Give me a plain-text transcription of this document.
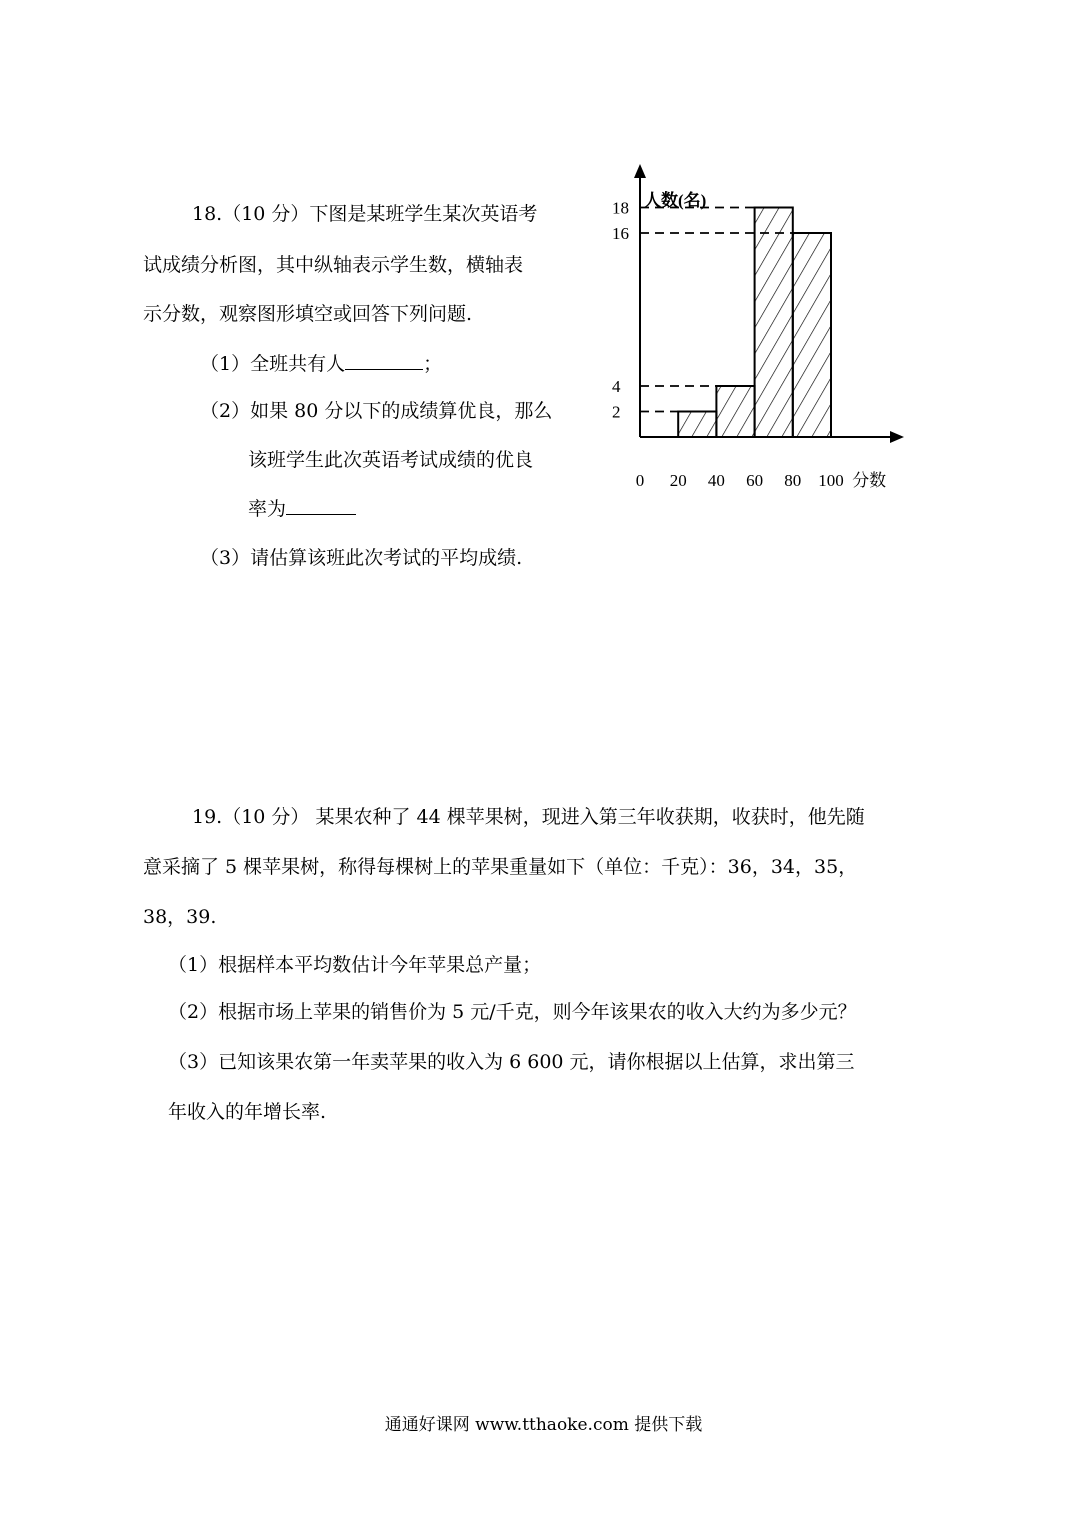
18.（10 分）下图是某班学生某次英语考
试成绩分析图，其中纵轴表示学生数，横轴表
示分数，观察图形填空或回答下列问题.
（1）全班共有人	；
（2）如果 80 分以下的成绩算优良，那么
该班学生此次英语考试成绩的优良
率为
（3）请估算该班此次考试的平均成绩.
人数(名)
2
4
16
18
0 20 40 60 80 100 分数
19.（10 分） 某果农种了 44 棵苹果树，现进入第三年收获期，收获时，他先随
意采摘了 5 棵苹果树，称得每棵树上的苹果重量如下（单位：千克）：36，34，35，
38，39.
（1）根据样本平均数估计今年苹果总产量；
（2）根据市场上苹果的销售价为 5 元/千克，则今年该果农的收入大约为多少元？
（3）已知该果农第一年卖苹果的收入为 6 600 元，请你根据以上估算，求出第三
年收入的年增长率.
通通好课网 www.tthaoke.com 提供下载
